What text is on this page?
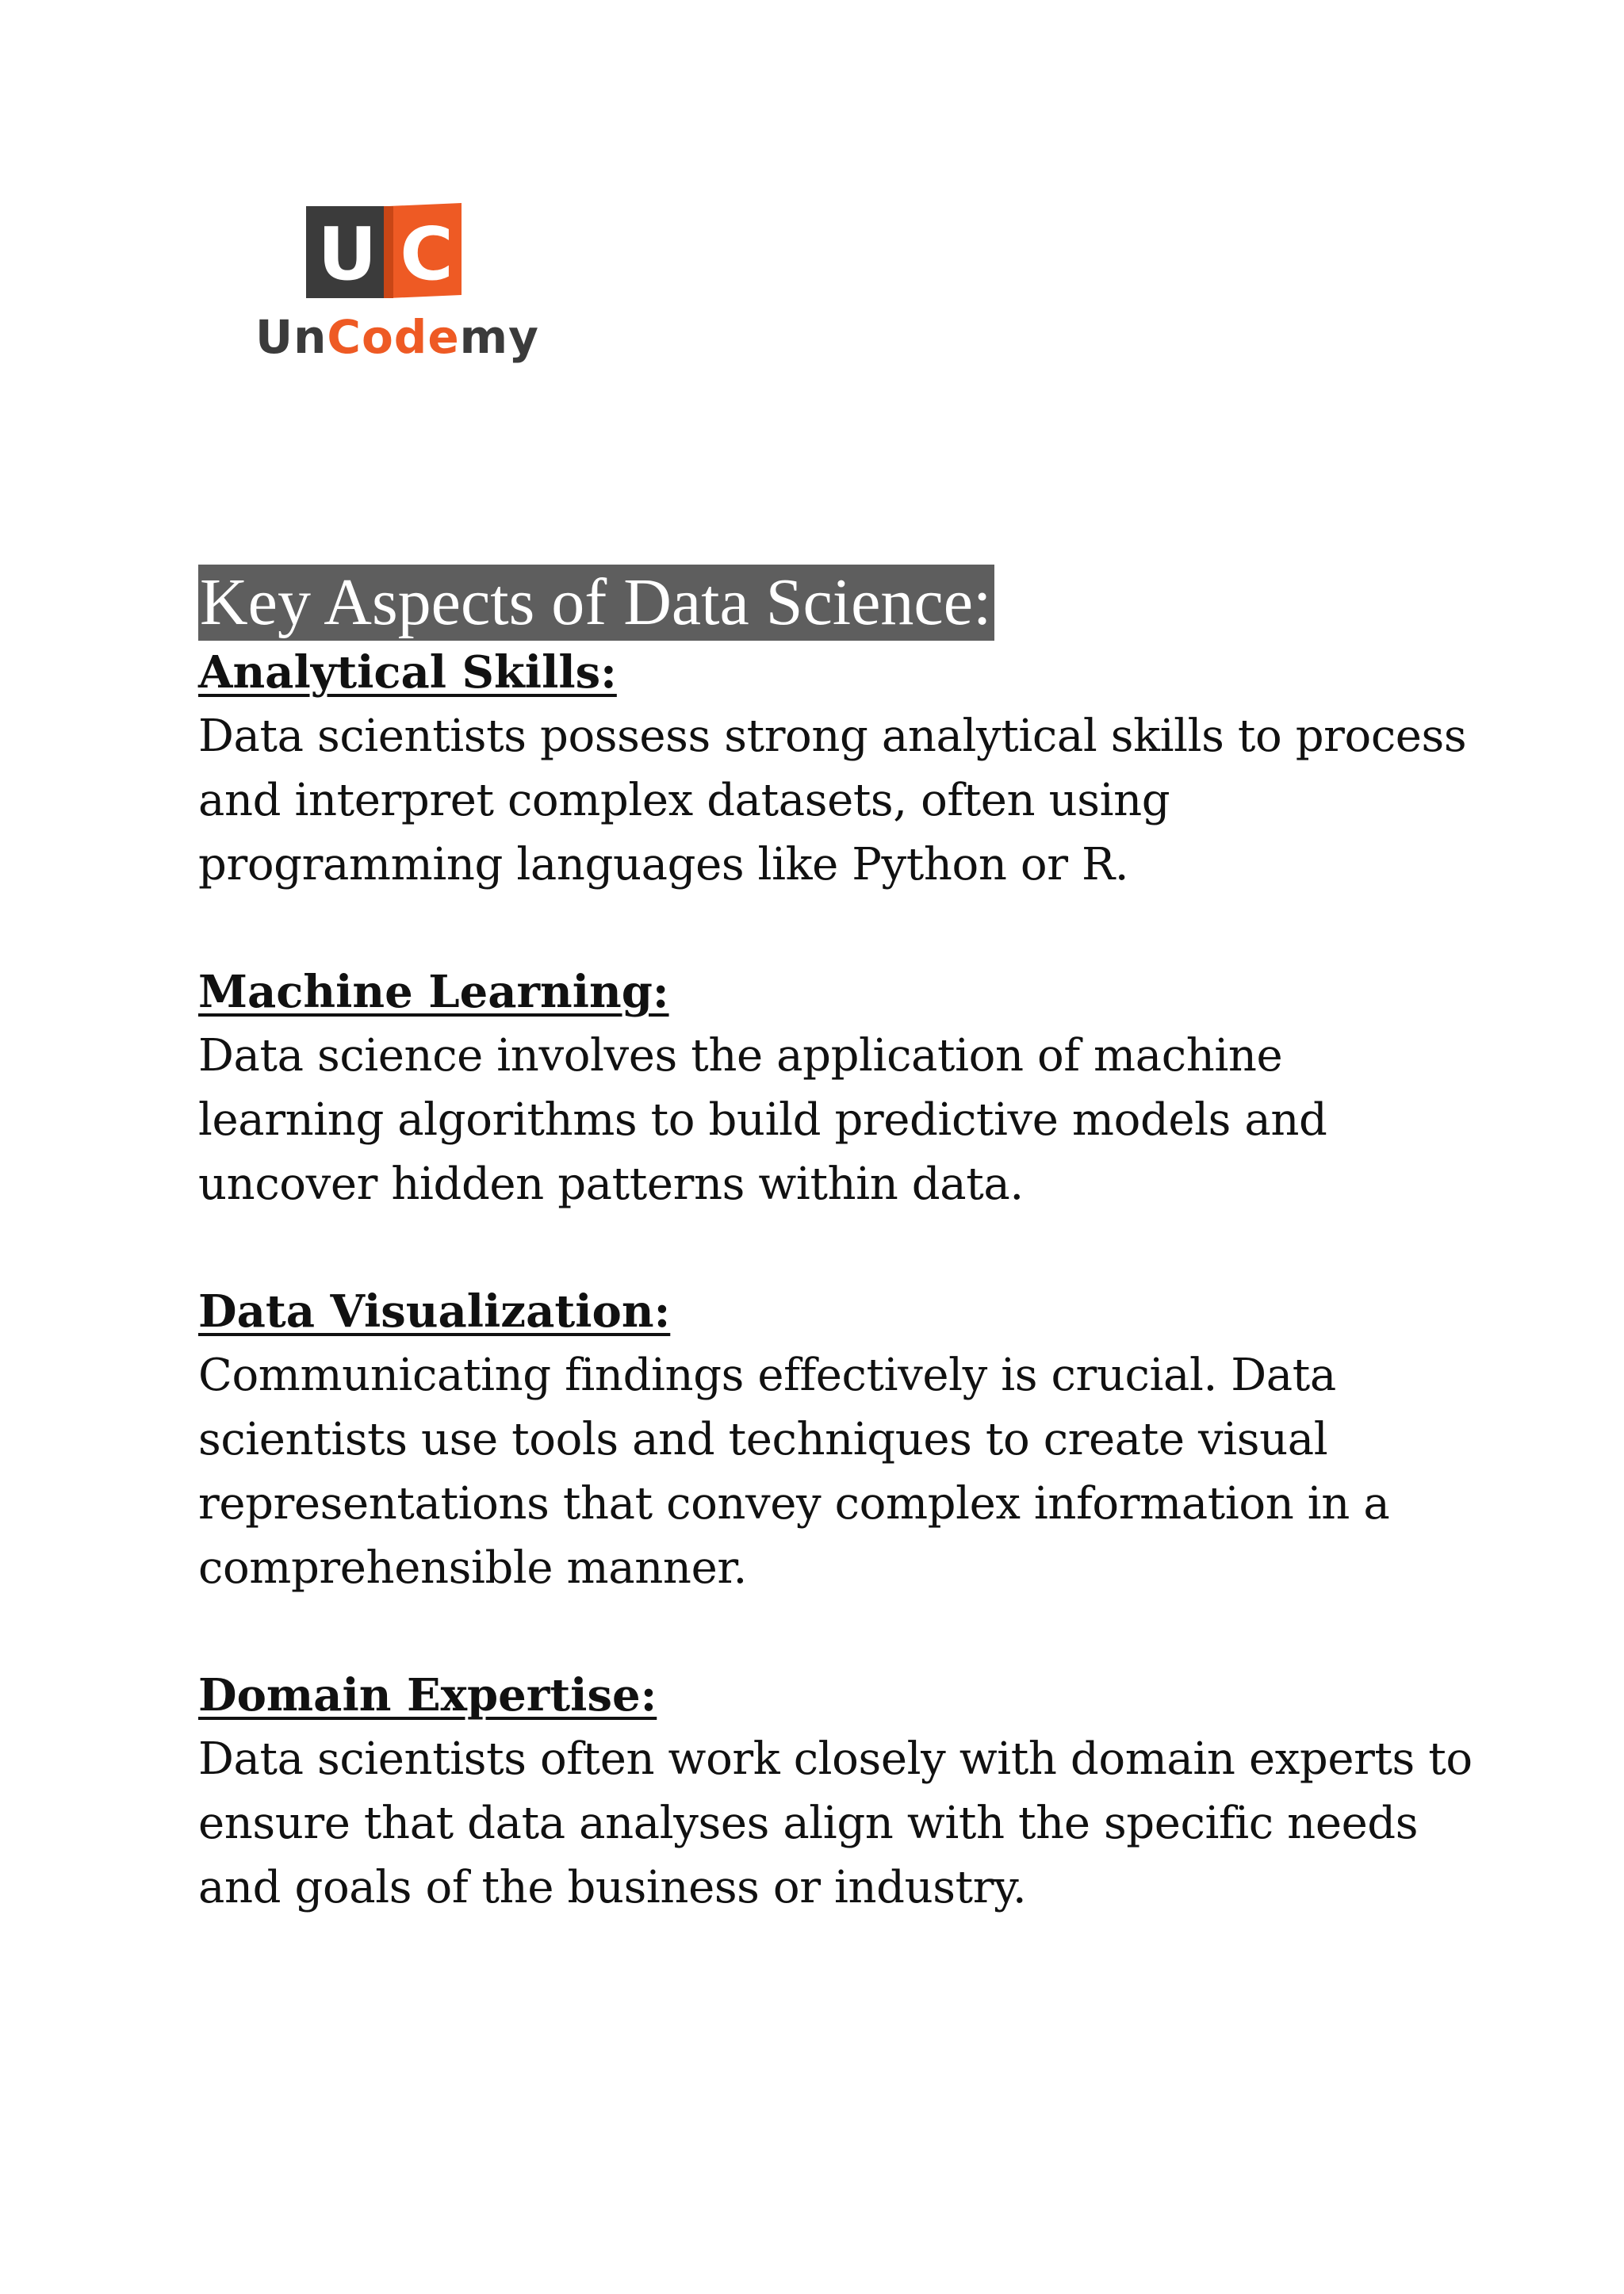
U C
UnCodemy
Key Aspects of Data Science:

Analytical Skills:

Data scientists possess strong analytical skills to process
and interpret complex datasets, often using
programming languages like Python or R.

Machine Learning:

Data science involves the application of machine
learning algorithms to build predictive models and
uncover hidden patterns within data.

Data Visualization:

Communicating findings effectively is crucial. Data
scientists use tools and techniques to create visual
representations that convey complex information in a
comprehensible manner.

Domain Expertise:

Data scientists often work closely with domain experts to
ensure that data analyses align with the specific needs
and goals of the business or industry.
